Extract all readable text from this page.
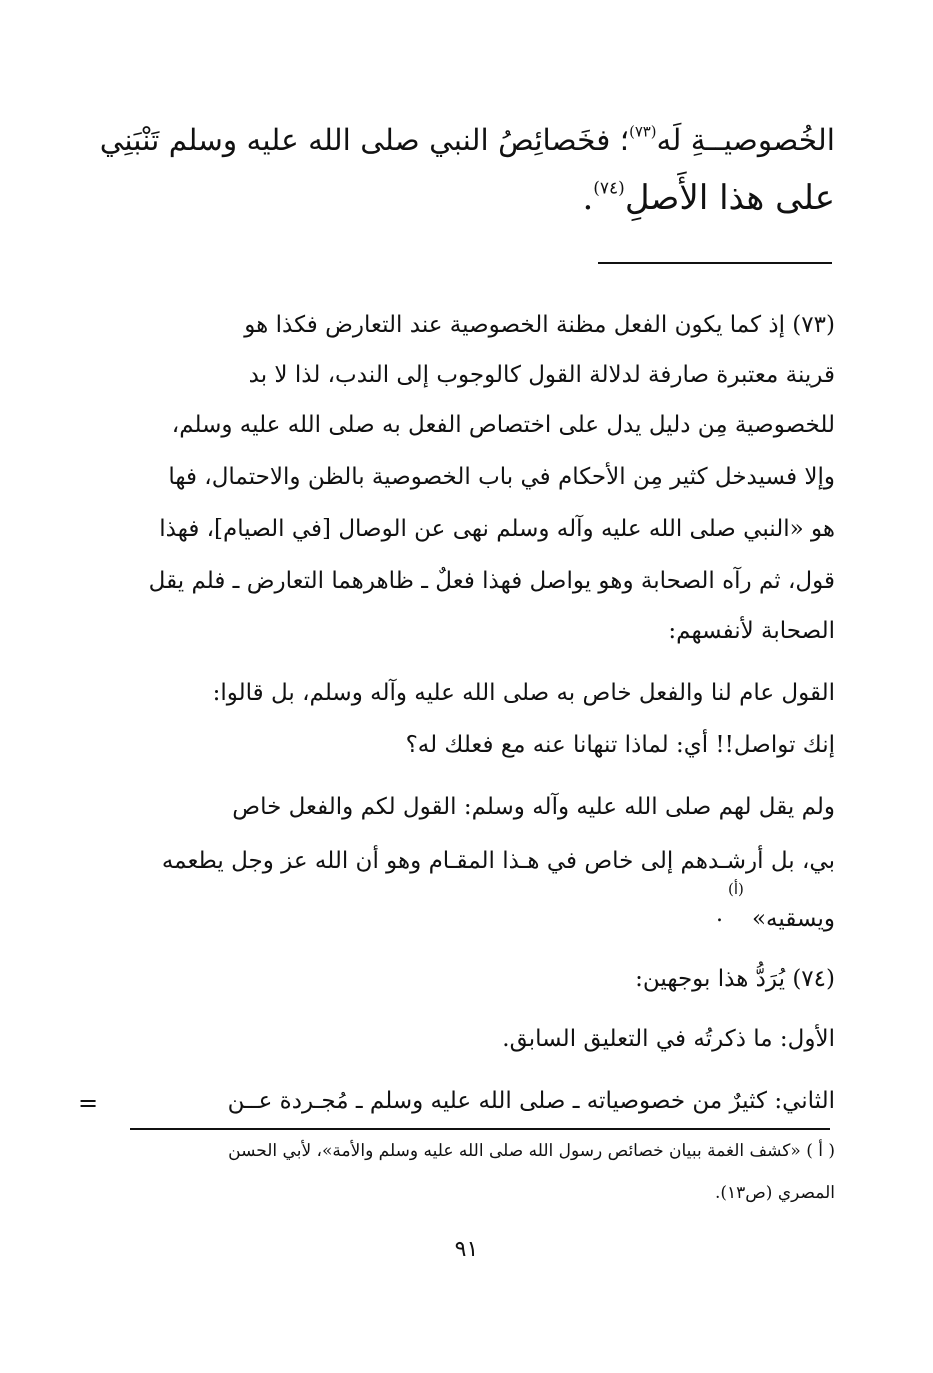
الخُصوصيــةِ لَه$^{(٧٣)}$؛ فخَصائِصُ النبي صلى الله عليه وسلم تَنْبَنِي
على هذا الأَصلِ$^{(٧٤)}$.
(٧٣) إذ كما يكون الفعل مظنة الخصوصية عند التعارض فكذا هو
قرينة معتبرة صارفة لدلالة القول كالوجوب إلى الندب، لذا لا بد
للخصوصية مِن دليل يدل على اختصاص الفعل به صلى الله عليه وسلم،
وإلا فسيدخل كثير مِن الأحكام في باب الخصوصية بالظن والاحتمال، فها
هو «النبي صلى الله عليه وآله وسلم نهى عن الوصال [في الصيام]، فهذا
قول، ثم رآه الصحابة وهو يواصل فهذا فعلٌ ـ ظاهرهما التعارض ـ فلم يقل
الصحابة لأنفسهم:
القول عام لنا والفعل خاص به صلى الله عليه وآله وسلم، بل قالوا:
إنك تواصل!! أي: لماذا تنهانا عنه مع فعلك له؟
ولم يقل لهم صلى الله عليه وآله وسلم: القول لكم والفعل خاص
بي، بل أرشـدهم إلى خاص في هـذا المقـام وهو أن الله عز وجل يطعمه
ويسقيه»
(أ)
.
(٧٤) يُرَدُّ هذا بوجهين:
الأول: ما ذكرتُه في التعليق السابق.
الثاني: كثيرٌ من خصوصياته ـ صلى الله عليه وسلم ـ مُجـردة عــن
=
( أ ) «كشف الغمة ببيان خصائص رسول الله صلى الله عليه وسلم والأمة»، لأبي الحسن
المصري (ص١٣).
٩١
